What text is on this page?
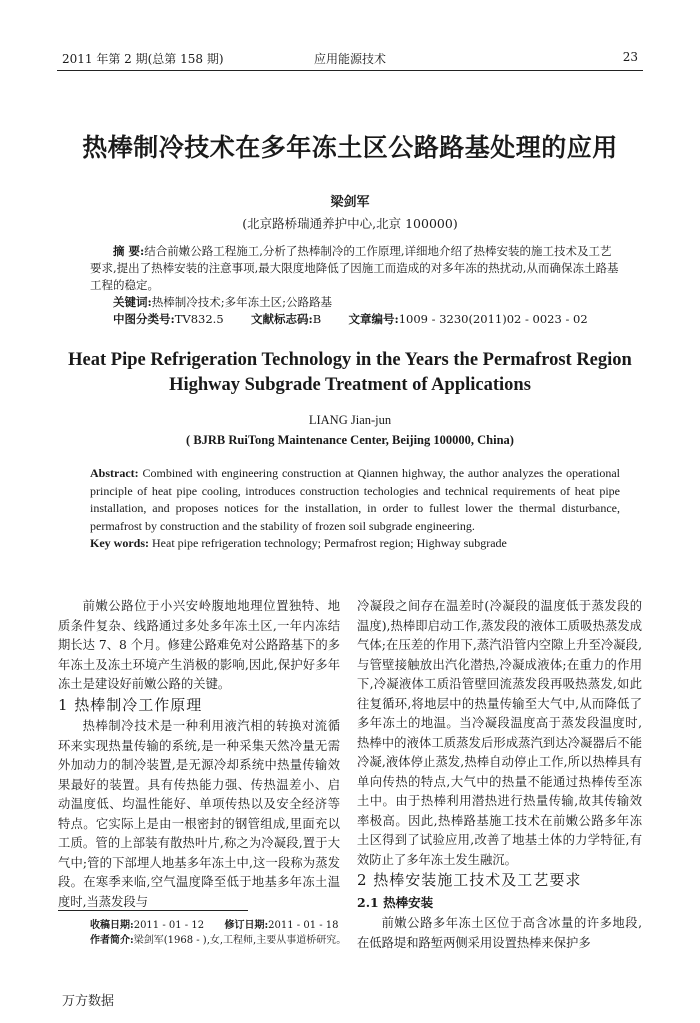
2011 年第 2 期(总第 158 期)	应用能源技术	23
热棒制冷技术在多年冻土区公路路基处理的应用
梁剑军
(北京路桥瑞通养护中心,北京 100000)
摘 要:结合前嫩公路工程施工,分析了热棒制冷的工作原理,详细地介绍了热棒安装的施工技术及工艺要求,提出了热棒安装的注意事项,最大限度地降低了因施工而造成的对多年冻的热扰动,从而确保冻土路基工程的稳定。
关键词:热棒制冷技术;多年冻土区;公路路基
中图分类号:TV832.5 文献标志码:B 文章编号:1009 - 3230(2011)02 - 0023 - 02
Heat Pipe Refrigeration Technology in the Years the Permafrost Region Highway Subgrade Treatment of Applications
LIANG Jian-jun
( BJRB RuiTong Maintenance Center, Beijing 100000, China)
Abstract: Combined with engineering construction at Qiannen highway, the author analyzes the operational principle of heat pipe cooling, introduces construction techologies and technical requirements of heat pipe installation, and proposes notices for the installation, in order to fullest lower the thermal disturbance, permafrost by construction and the stability of frozen soil subgrade engineering.
Key words: Heat pipe refrigeration technology; Permafrost region; Highway subgrade

前嫩公路位于小兴安岭腹地地理位置独特、地质条件复杂、线路通过多处多年冻土区,一年内冻结期长达 7、8 个月。修建公路难免对公路路基下的多年冻土及冻土环境产生消极的影响,因此,保护好多年冻土是建设好前嫩公路的关键。

1 热棒制冷工作原理

热棒制冷技术是一种利用液汽相的转换对流循环来实现热量传输的系统,是一种采集天然冷量无需外加动力的制冷装置,是无源冷却系统中热量传输效果最好的装置。具有传热能力强、传热温差小、启动温度低、均温性能好、单项传热以及安全经济等特点。它实际上是由一根密封的钢管组成,里面充以工质。管的上部装有散热叶片,称之为冷凝段,置于大气中;管的下部埋人地基多年冻土中,这一段称为蒸发段。在寒季来临,空气温度降至低于地基多年冻土温度时,当蒸发段与

冷凝段之间存在温差时(冷凝段的温度低于蒸发段的温度),热棒即启动工作,蒸发段的液体工质吸热蒸发成气体;在压差的作用下,蒸汽沿管内空隙上升至冷凝段,与管壁接触放出汽化潜热,冷凝成液体;在重力的作用下,冷凝液体工质沿管壁回流蒸发段再吸热蒸发,如此往复循环,将地层中的热量传输至大气中,从而降低了多年冻土的地温。当冷凝段温度高于蒸发段温度时,热棒中的液体工质蒸发后形成蒸汽到达冷凝器后不能冷凝,液体停止蒸发,热棒自动停止工作,所以热棒具有单向传热的特点,大气中的热量不能通过热棒传至冻土中。由于热棒利用潜热进行热量传输,故其传输效率极高。因此,热棒路基施工技术在前嫩公路多年冻土区得到了试验应用,改善了地基土体的力学特征,有效防止了多年冻土发生融沉。

2 热棒安装施工技术及工艺要求
2.1 热棒安装

前嫩公路多年冻土区位于高含冰量的许多地段,在低路堤和路堑两侧采用设置热棒来保护多

收稿日期:2011 - 01 - 12 修订日期:2011 - 01 - 18
作者简介:梁剑军(1968 - ),女,工程师,主要从事道桥研究。
万方数据
